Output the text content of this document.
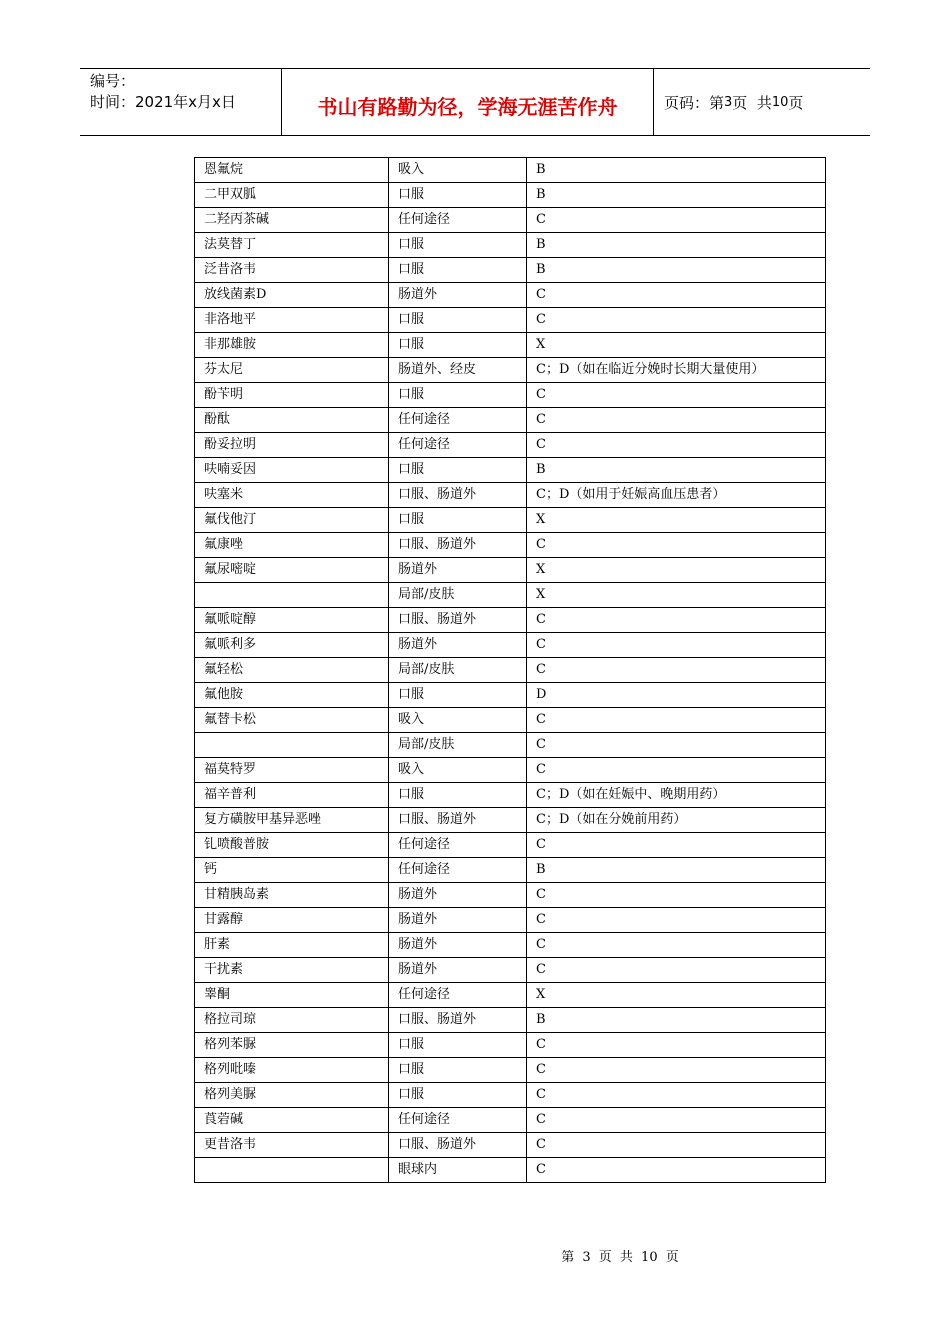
编号：
时间：2021年x月x日	书山有路勤为径，学海无涯苦作舟	页码：第 3 页  共 10 页
恩氟烷	吸入	B
二甲双胍	口服	B
二羟丙茶碱	任何途径	C
法莫替丁	口服	B
泛昔洛韦	口服	B
放线菌素D	肠道外	C
非洛地平	口服	C
非那雄胺	口服	X
芬太尼	肠道外、经皮	C；D（如在临近分娩时长期大量使用）
酚苄明	口服	C
酚酞	任何途径	C
酚妥拉明	任何途径	C
呋喃妥因	口服	B
呋塞米	口服、肠道外	C；D（如用于妊娠高血压患者）
氟伐他汀	口服	X
氟康唑	口服、肠道外	C
氟尿嘧啶	肠道外	X
	局部/皮肤	X
氟哌啶醇	口服、肠道外	C
氟哌利多	肠道外	C
氟轻松	局部/皮肤	C
氟他胺	口服	D
氟替卡松	吸入	C
	局部/皮肤	C
福莫特罗	吸入	C
福辛普利	口服	C；D（如在妊娠中、晚期用药）
复方磺胺甲基异恶唑	口服、肠道外	C；D（如在分娩前用药）
钆喷酸普胺	任何途径	C
钙	任何途径	B
甘精胰岛素	肠道外	C
甘露醇	肠道外	C
肝素	肠道外	C
干扰素	肠道外	C
睾酮	任何途径	X
格拉司琼	口服、肠道外	B
格列苯脲	口服	C
格列吡嗪	口服	C
格列美脲	口服	C
莨菪碱	任何途径	C
更昔洛韦	口服、肠道外	C
	眼球内	C
第 3 页 共 10 页
